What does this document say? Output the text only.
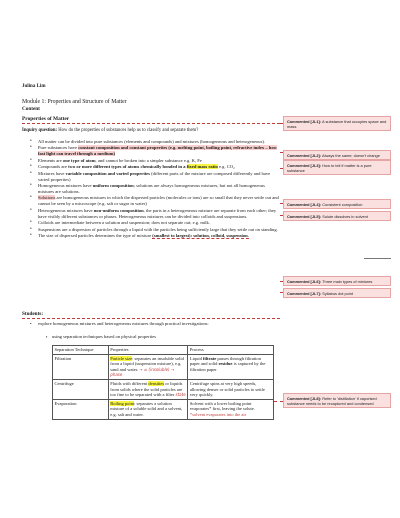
Julina Lim
Module 1: Properties and Structure of Matter
Content
Properties of Matter
Inquiry question: How do the properties of substances help us to classify and separate them?
• All matter can be divided into pure substances (elements and compounds) and mixtures (homogeneous and heterogeneous).
• Pure substances have constant composition and constant properties (e.g. melting point, boiling point, refractive index – how fast light can travel through a medium)
• Elements are one type of atom, and cannot be broken into a simpler substance e.g. K, Fe
• Compounds are two or more different types of atoms chemically bonded in a fixed mass ratio e.g. CO₂
• Mixtures have variable composition and varied properties (different parts of the mixture are composed differently and have varied properties)
• Homogeneous mixtures have uniform composition; solutions are always homogeneous mixtures, but not all homogeneous mixtures are solutions.
• Solutions are homogeneous mixtures in which the dispersed particles (molecules or ions) are so small that they never settle out and cannot be seen by a microscope (e.g. salt or sugar in water)
• Heterogeneous mixtures have non-uniform composition, the parts in a heterogeneous mixture are separate from each other; they have visibly different substances or phases. Heterogeneous mixtures can be divided into colloids and suspensions.
• Colloids are intermediate between a solution and suspension; does not separate out; e.g. milk.
• Suspensions are a dispersion of particles through a liquid with the particles being sufficiently large that they settle out on standing.
• The size of dispersed particles determines the type of mixture (smallest to largest): solution, colloid, suspension.
Students:
• explore homogeneous mixtures and heterogeneous mixtures through practical investigations:
▪ using separation techniques based on physical properties
Separation Technique	Properties	Process
Filtration	Particle size: separates an insoluble solid from a liquid (suspension mixture), e.g. sand and water. → ≠ (insoluble) → phase	Liquid filtrate passes through filtration paper and solid residue is captured by the filtration paper
Centrifuge	Fluids with different densities or liquids from solids where the solid particles are too fine to be separated with a filter state	Centrifuge spins at very high speeds, allowing denser or solid particles to settle very quickly.
Evaporation	Boiling point: separates a solution mixture of a soluble solid and a solvent, e.g. salt and water.	Solvent with a lower boiling point evaporates* first, leaving the solute.
*solvent evaporates into the air
Commented [JL1]: A substance that occupies space and mass.
Commented [JL2]: Always the same; doesn't change
Commented [JL3]: How to tell if matter is a pure substance
Commented [JL4]: Consistent composition
Commented [JL5]: Solute dissolves in solvent
Commented [JL6]: Three main types of mixtures
Commented [JL7]: Syllabus dot point
Commented [JL8]: Refer to 'distillation' if vaporised substance needs to be recaptured and condensed
